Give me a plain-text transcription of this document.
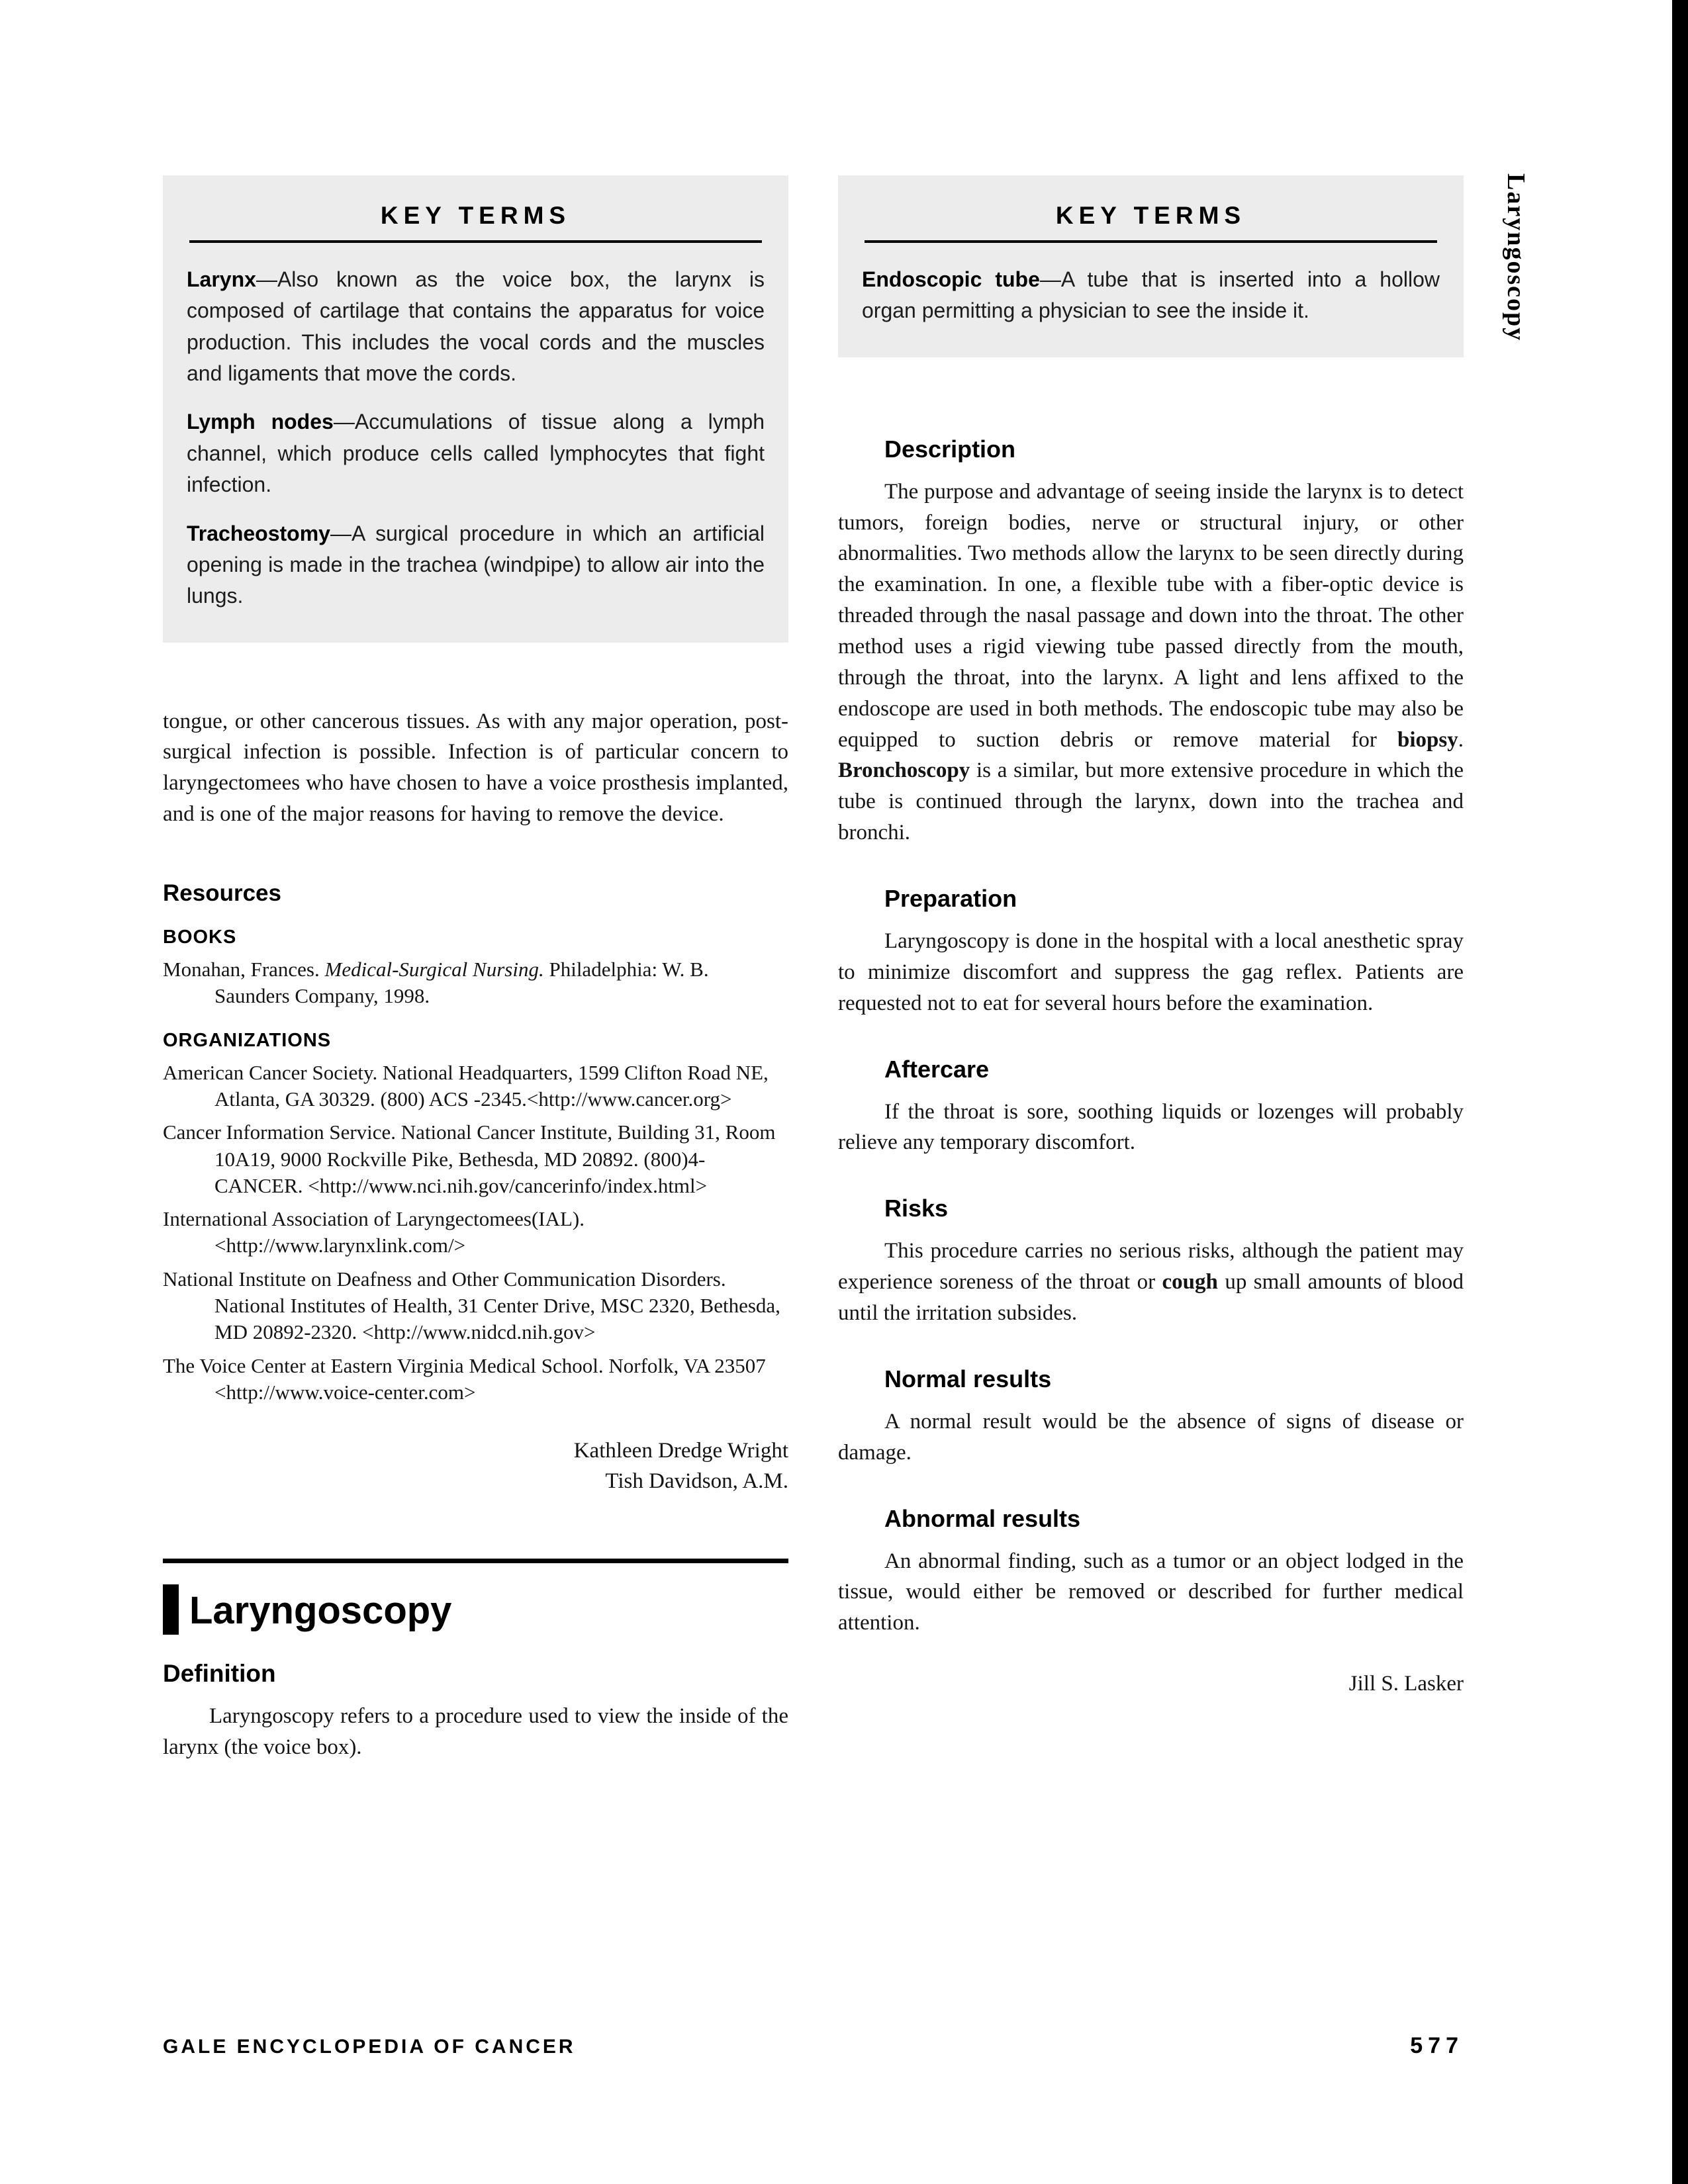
Laryngoscopy
KEY TERMS

Larynx—Also known as the voice box, the larynx is composed of cartilage that contains the apparatus for voice production. This includes the vocal cords and the muscles and ligaments that move the cords.

Lymph nodes—Accumulations of tissue along a lymph channel, which produce cells called lymphocytes that fight infection.

Tracheostomy—A surgical procedure in which an artificial opening is made in the trachea (windpipe) to allow air into the lungs.

tongue, or other cancerous tissues. As with any major operation, post-surgical infection is possible. Infection is of particular concern to laryngectomees who have chosen to have a voice prosthesis implanted, and is one of the major reasons for having to remove the device.

Resources
BOOKS

Monahan, Frances. Medical-Surgical Nursing. Philadelphia: W. B. Saunders Company, 1998.

ORGANIZATIONS

American Cancer Society. National Headquarters, 1599 Clifton Road NE, Atlanta, GA 30329. (800) ACS -2345.<http://www.cancer.org>

Cancer Information Service. National Cancer Institute, Building 31, Room 10A19, 9000 Rockville Pike, Bethesda, MD 20892. (800)4-CANCER. <http://www.nci.nih.gov/cancerinfo/index.html>

International Association of Laryngectomees(IAL). <http://www.larynxlink.com/>

National Institute on Deafness and Other Communication Disorders. National Institutes of Health, 31 Center Drive, MSC 2320, Bethesda, MD 20892-2320. <http://www.nidcd.nih.gov>

The Voice Center at Eastern Virginia Medical School. Norfolk, VA 23507 <http://www.voice-center.com>

Kathleen Dredge Wright
Tish Davidson, A.M.
Laryngoscopy
Definition

Laryngoscopy refers to a procedure used to view the inside of the larynx (the voice box).

KEY TERMS

Endoscopic tube—A tube that is inserted into a hollow organ permitting a physician to see the inside it.

Description

The purpose and advantage of seeing inside the larynx is to detect tumors, foreign bodies, nerve or structural injury, or other abnormalities. Two methods allow the larynx to be seen directly during the examination. In one, a flexible tube with a fiber-optic device is threaded through the nasal passage and down into the throat. The other method uses a rigid viewing tube passed directly from the mouth, through the throat, into the larynx. A light and lens affixed to the endoscope are used in both methods. The endoscopic tube may also be equipped to suction debris or remove material for biopsy. Bronchoscopy is a similar, but more extensive procedure in which the tube is continued through the larynx, down into the trachea and bronchi.

Preparation

Laryngoscopy is done in the hospital with a local anesthetic spray to minimize discomfort and suppress the gag reflex. Patients are requested not to eat for several hours before the examination.

Aftercare

If the throat is sore, soothing liquids or lozenges will probably relieve any temporary discomfort.

Risks

This procedure carries no serious risks, although the patient may experience soreness of the throat or cough up small amounts of blood until the irritation subsides.

Normal results

A normal result would be the absence of signs of disease or damage.

Abnormal results

An abnormal finding, such as a tumor or an object lodged in the tissue, would either be removed or described for further medical attention.

Jill S. Lasker
GALE ENCYCLOPEDIA OF CANCER	577
